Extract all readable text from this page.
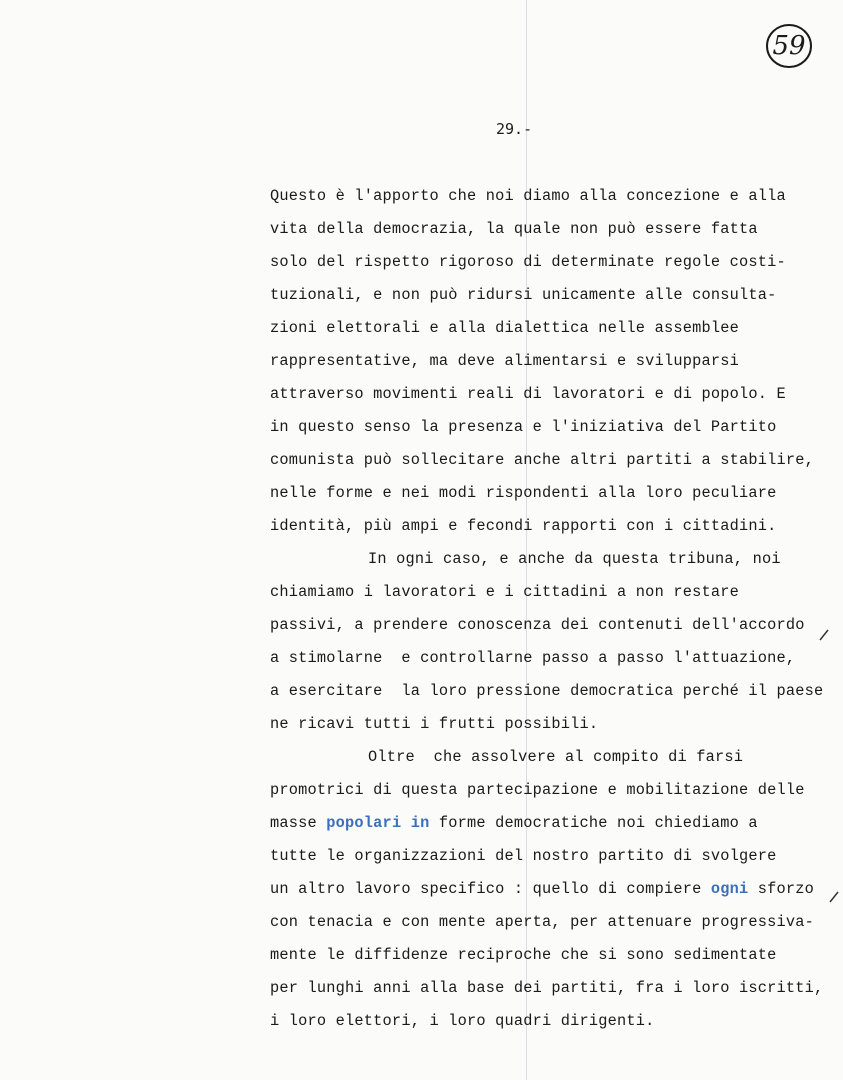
59
29.-
Questo è l'apporto che noi diamo alla concezione e alla
vita della democrazia, la quale non può essere fatta
solo del rispetto rigoroso di determinate regole costi-
tuzionali, e non può ridursi unicamente alle consulta-
zioni elettorali e alla dialettica nelle assemblee
rappresentative, ma deve alimentarsi e svilupparsi
attraverso movimenti reali di lavoratori e di popolo. E
in questo senso la presenza e l'iniziativa del Partito
comunista può sollecitare anche altri partiti a stabilire,
nelle forme e nei modi rispondenti alla loro peculiare
identità, più ampi e fecondi rapporti con i cittadini.
In ogni caso, e anche da questa tribuna, noi
chiamiamo i lavoratori e i cittadini a non restare
passivi, a prendere conoscenza dei contenuti dell'accordo
a stimolarne  e controllarne passo a passo l'attuazione,
a esercitare  la loro pressione democratica perché il paese
ne ricavi tutti i frutti possibili.
Oltre  che assolvere al compito di farsi
promotrici di questa partecipazione e mobilitazione delle
masse popolari in forme democratiche noi chiediamo a
tutte le organizzazioni del nostro partito di svolgere
un altro lavoro specifico : quello di compiere ogni sforzo
con tenacia e con mente aperta, per attenuare progressiva-
mente le diffidenze reciproche che si sono sedimentate
per lunghi anni alla base dei partiti, fra i loro iscritti,
i loro elettori, i loro quadri dirigenti.
